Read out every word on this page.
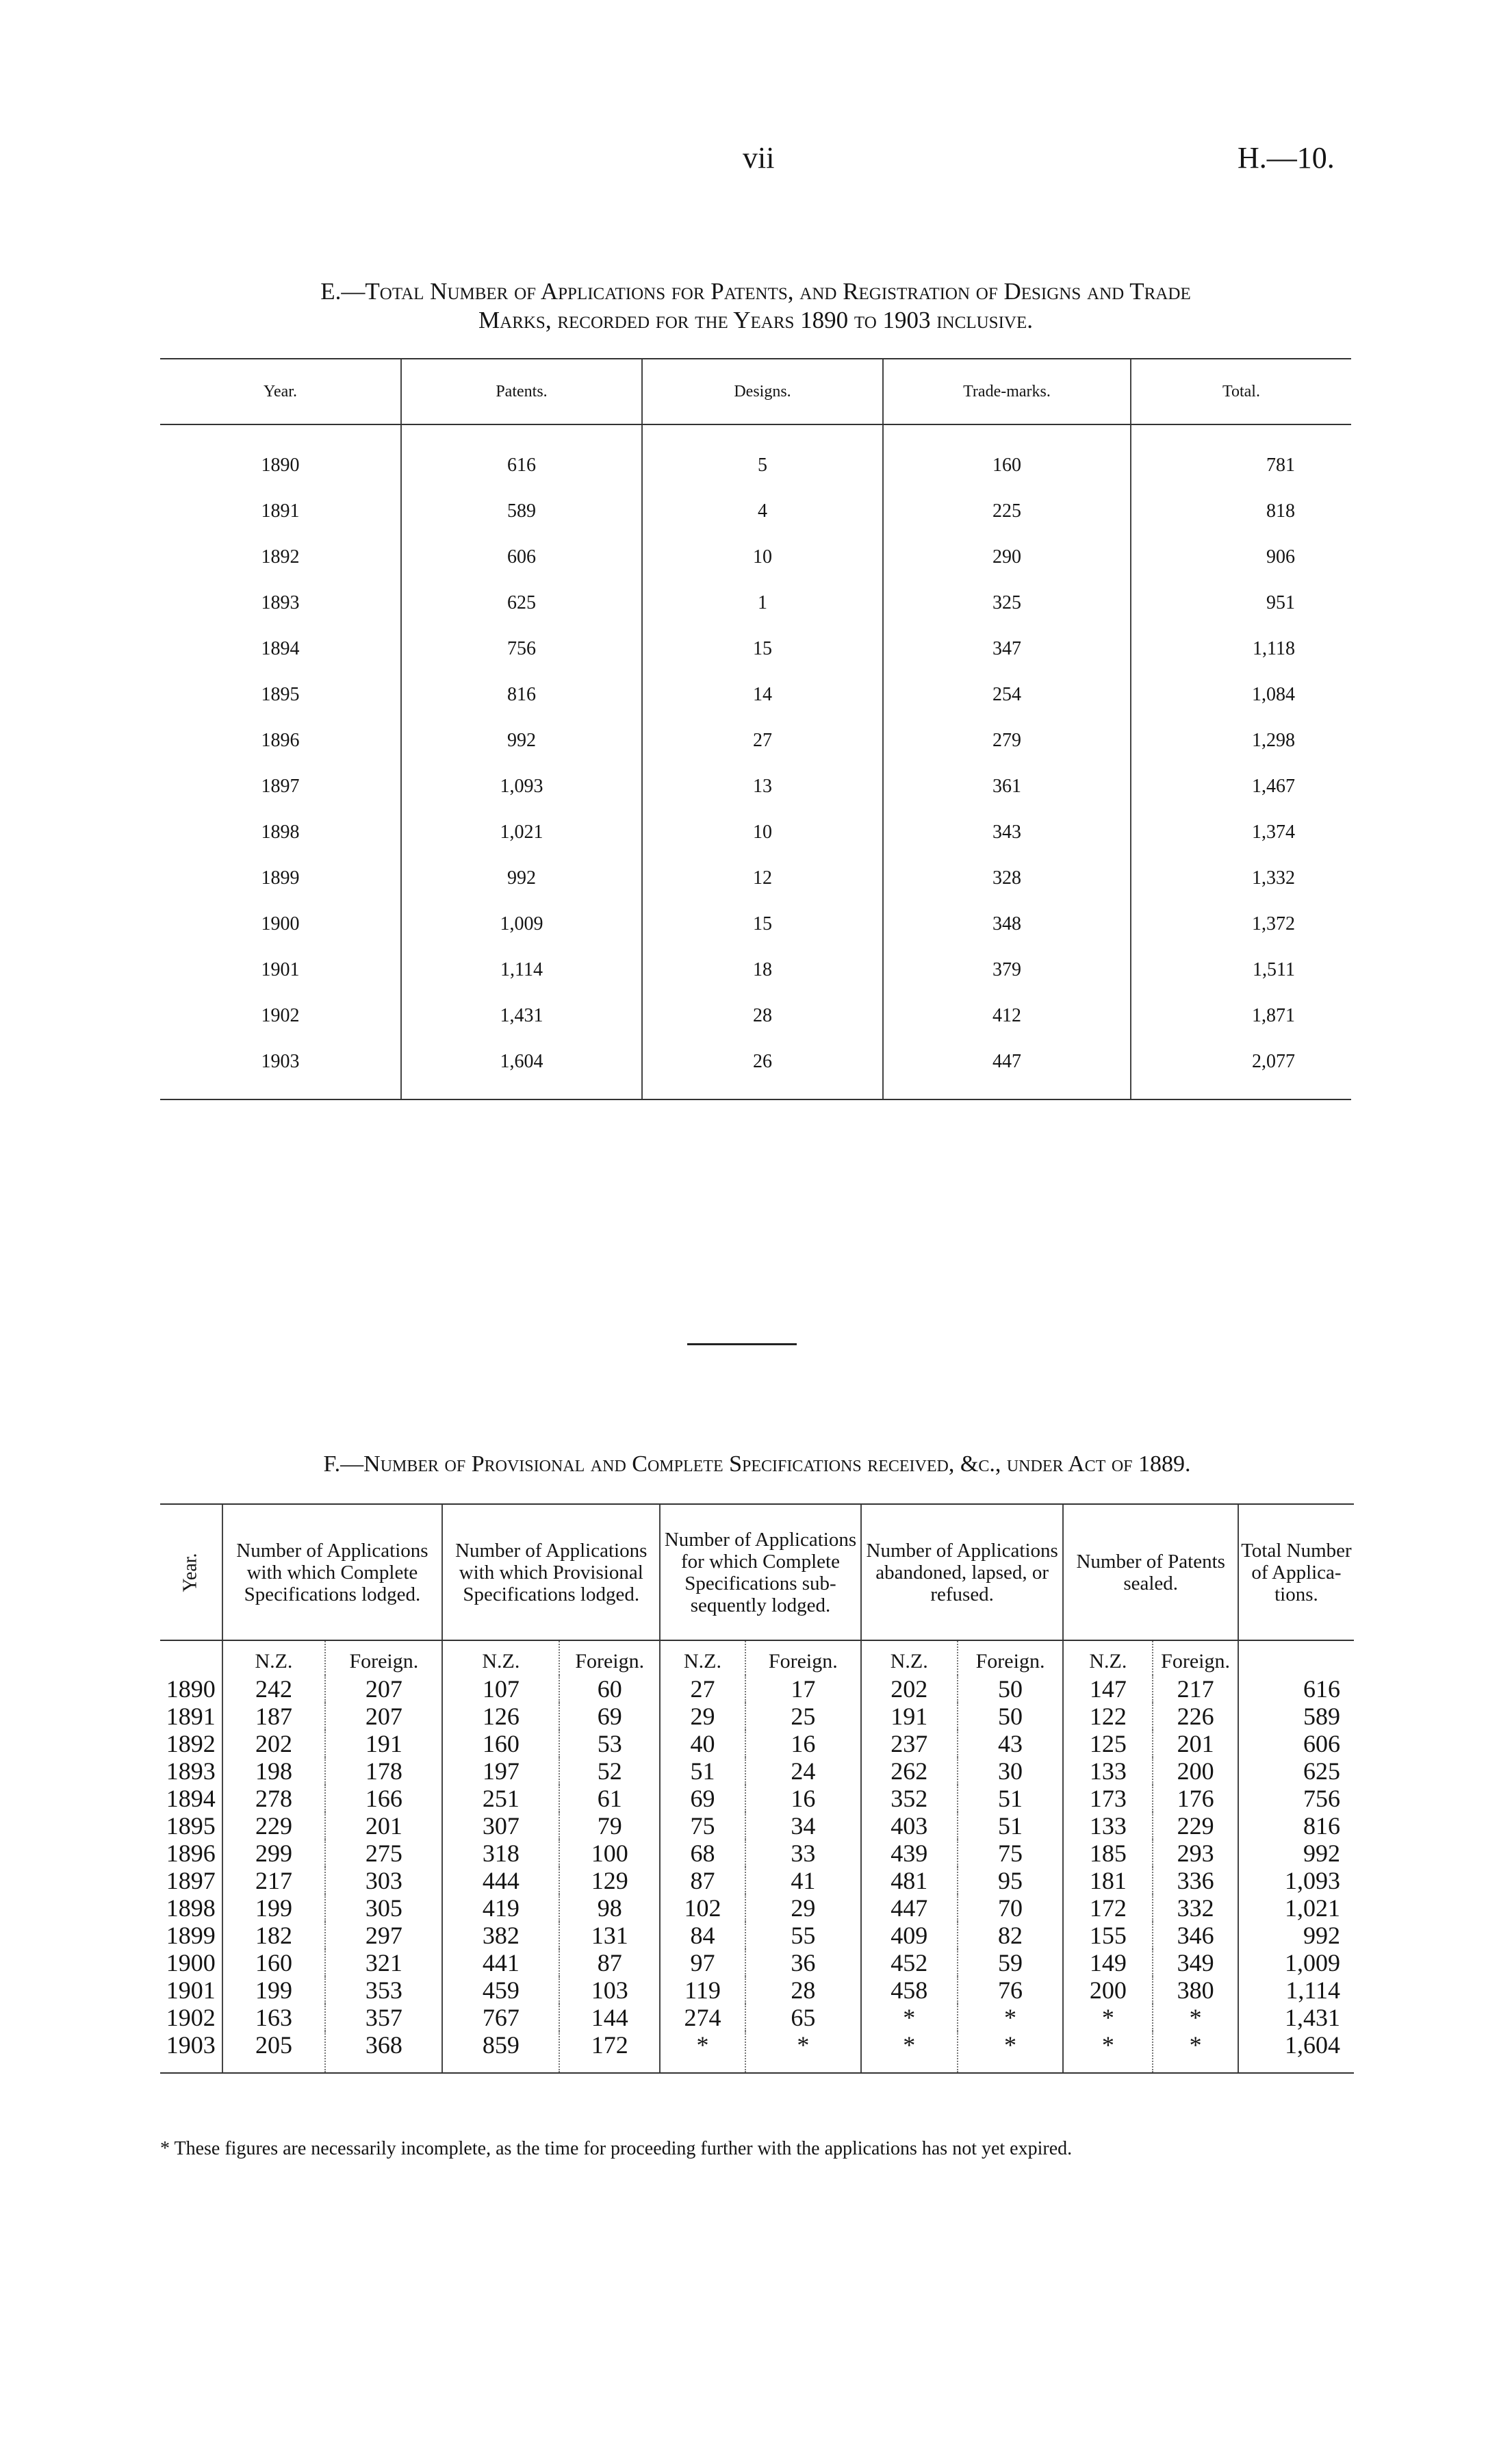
vii	H.—10.
E.—Total Number of Applications for Patents, and Registration of Designs and Trade
Marks, recorded for the Years 1890 to 1903 inclusive.
Year.	Patents.	Designs.	Trade-marks.	Total.
1890	616	5	160	781
1891	589	4	225	818
1892	606	10	290	906
1893	625	1	325	951
1894	756	15	347	1,118
1895	816	14	254	1,084
1896	992	27	279	1,298
1897	1,093	13	361	1,467
1898	1,021	10	343	1,374
1899	992	12	328	1,332
1900	1,009	15	348	1,372
1901	1,114	18	379	1,511
1902	1,431	28	412	1,871
1903	1,604	26	447	2,077
F.—Number of Provisional and Complete Specifications received, &c., under Act of 1889.
Year.	Number of Applications with which Complete Specifications lodged.		Number of Applications with which Provisional Specifications lodged.		Number of Applications for which Complete Specifications subsequently lodged.		Number of Applications abandoned, lapsed, or refused.		Number of Patents sealed.		Total Number of Applications.
	N.Z.	Foreign.	N.Z.	Foreign.	N.Z.	Foreign.	N.Z.	Foreign.	N.Z.	Foreign.	
1890	242	207	107	60	27	17	202	50	147	217	616
1891	187	207	126	69	29	25	191	50	122	226	589
1892	202	191	160	53	40	16	237	43	125	201	606
1893	198	178	197	52	51	24	262	30	133	200	625
1894	278	166	251	61	69	16	352	51	173	176	756
1895	229	201	307	79	75	34	403	51	133	229	816
1896	299	275	318	100	68	33	439	75	185	293	992
1897	217	303	444	129	87	41	481	95	181	336	1,093
1898	199	305	419	98	102	29	447	70	172	332	1,021
1899	182	297	382	131	84	55	409	82	155	346	992
1900	160	321	441	87	97	36	452	59	149	349	1,009
1901	199	353	459	103	119	28	458	76	200	380	1,114
1902	163	357	767	144	274	65	*	*	*	*	1,431
1903	205	368	859	172	*	*	*	*	*	*	1,604
* These figures are necessarily incomplete, as the time for proceeding further with the applications has not yet expired.
